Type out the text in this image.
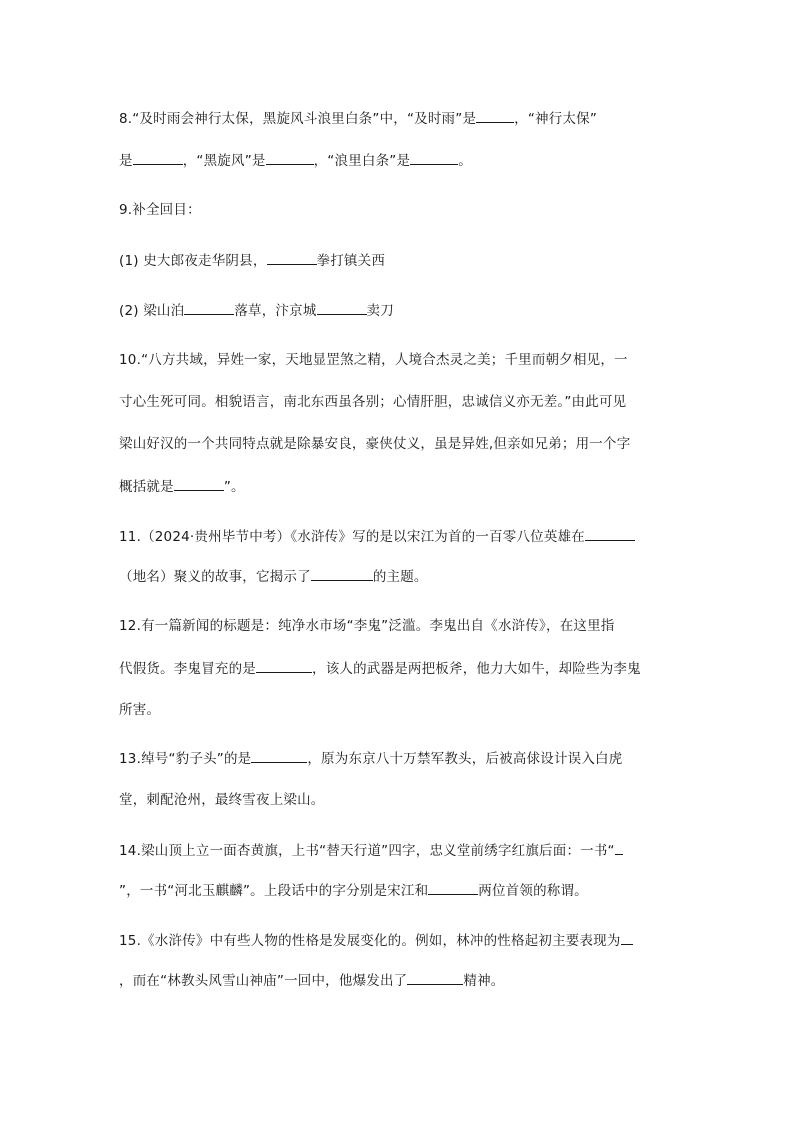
8.“及时雨会神行太保，黑旋风斗浪里白条”中，“及时雨”是	，“神行太保”
是	，“黑旋风”是	，“浪里白条”是	。
9.补全回目：
(1) 史大郎夜走华阴县，	拳打镇关西
(2) 梁山泊	落草，汴京城	卖刀
10.“八方共域，异姓一家，天地显罡煞之精，人境合杰灵之美；千里而朝夕相见，一
寸心生死可同。相貌语言，南北东西虽各别；心情肝胆，忠诚信义亦无差。”由此可见
梁山好汉的一个共同特点就是除暴安良，豪侠仗义，虽是异姓,但亲如兄弟；用一个字
概括就是	”。
11.（2024·贵州毕节中考）《水浒传》写的是以宋江为首的一百零八位英雄在
（地名）聚义的故事，它揭示了	的主题。
12.有一篇新闻的标题是：纯净水市场“李鬼”泛滥。李鬼出自《水浒传》，在这里指
代假货。李鬼冒充的是	，该人的武器是两把板斧，他力大如牛，却险些为李鬼
所害。
13.绰号“豹子头”的是	，原为东京八十万禁军教头，后被高俅设计误入白虎
堂，刺配沧州，最终雪夜上梁山。
14.梁山顶上立一面杏黄旗，上书“替天行道”四字，忠义堂前绣字红旗后面：一书“
”，一书“河北玉麒麟”。上段话中的字分别是宋江和	两位首领的称谓。
15.《水浒传》中有些人物的性格是发展变化的。例如，林冲的性格起初主要表现为
，而在“林教头风雪山神庙”一回中，他爆发出了	精神。
